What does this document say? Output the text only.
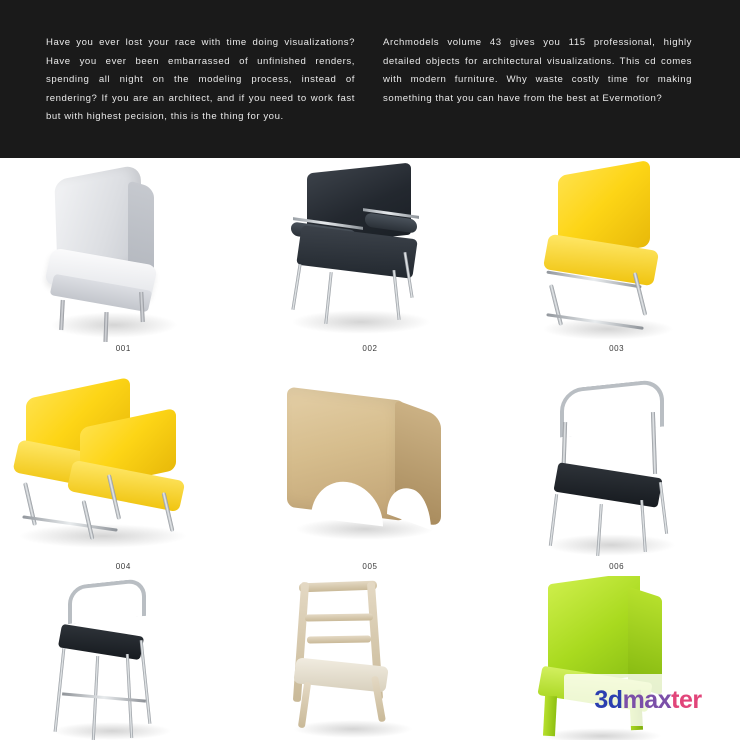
Have you ever lost your race with time doing visualizations? Have you ever been embarrassed of unfinished renders, spending all night on the modeling process, instead of rendering? If you are an architect, and if you need to work fast but with highest pecision, this is the thing for you.

Archmodels volume 43 gives you 115 professional, highly detailed objects for architectural visualizations. This cd comes with modern furniture. Why waste costly time for making something that you can have from the best at Evermotion?

001	002	003
004	005	006
3d max ter
